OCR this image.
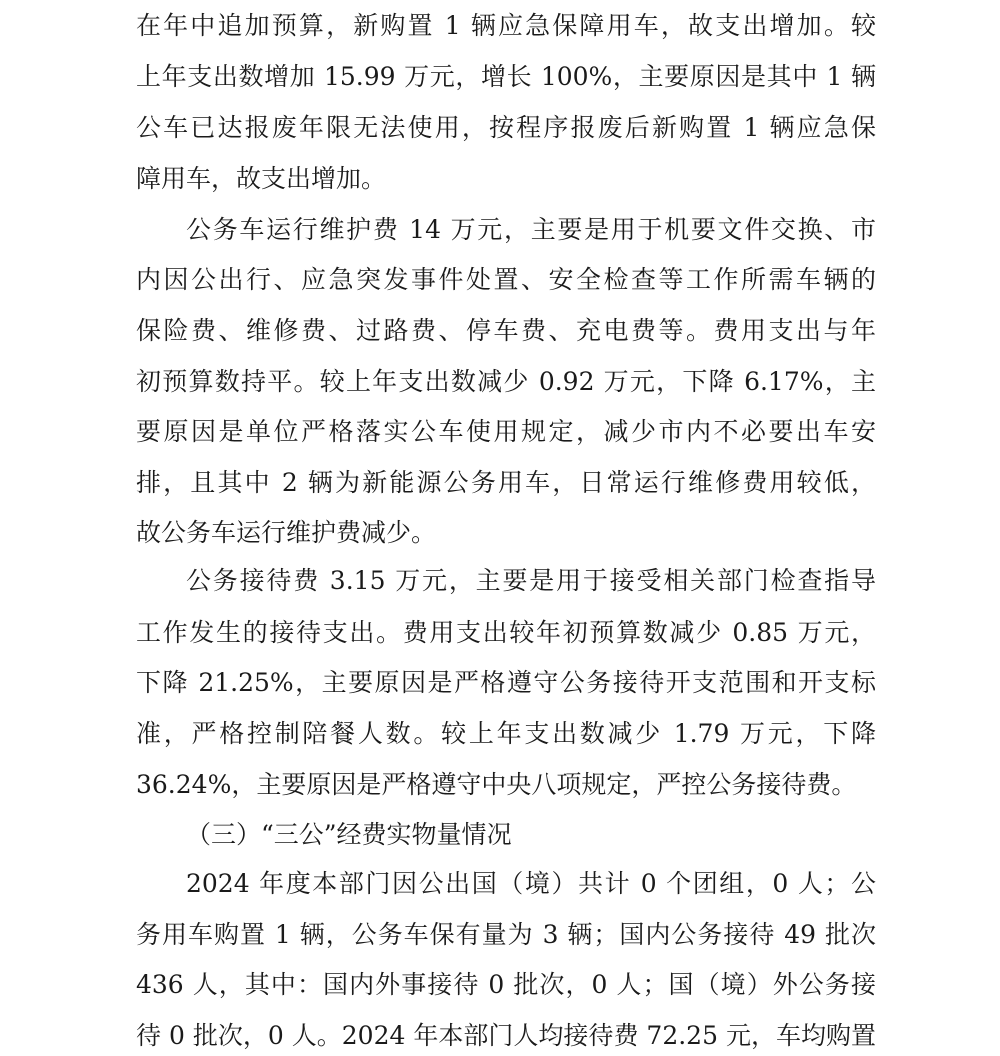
在年中追加预算，新购置 1 辆应急保障用车，故支出增加。较
上年支出数增加 15.99 万元，增长 100%，主要原因是其中 1 辆
公车已达报废年限无法使用，按程序报废后新购置 1 辆应急保
障用车，故支出增加。
公务车运行维护费 14 万元，主要是用于机要文件交换、市
内因公出行、应急突发事件处置、安全检查等工作所需车辆的
保险费、维修费、过路费、停车费、充电费等。费用支出与年
初预算数持平。较上年支出数减少 0.92 万元，下降 6.17%，主
要原因是单位严格落实公车使用规定，减少市内不必要出车安
排，且其中 2 辆为新能源公务用车，日常运行维修费用较低，
故公务车运行维护费减少。
公务接待费 3.15 万元，主要是用于接受相关部门检查指导
工作发生的接待支出。费用支出较年初预算数减少 0.85 万元，
下降 21.25%，主要原因是严格遵守公务接待开支范围和开支标
准，严格控制陪餐人数。较上年支出数减少 1.79 万元，下降
36.24%，主要原因是严格遵守中央八项规定，严控公务接待费。
（三）“三公”经费实物量情况
2024 年度本部门因公出国（境）共计 0 个团组，0 人；公
务用车购置 1 辆，公务车保有量为 3 辆；国内公务接待 49 批次
436 人，其中：国内外事接待 0 批次，0 人；国（境）外公务接
待 0 批次，0 人。2024 年本部门人均接待费 72.25 元，车均购置
